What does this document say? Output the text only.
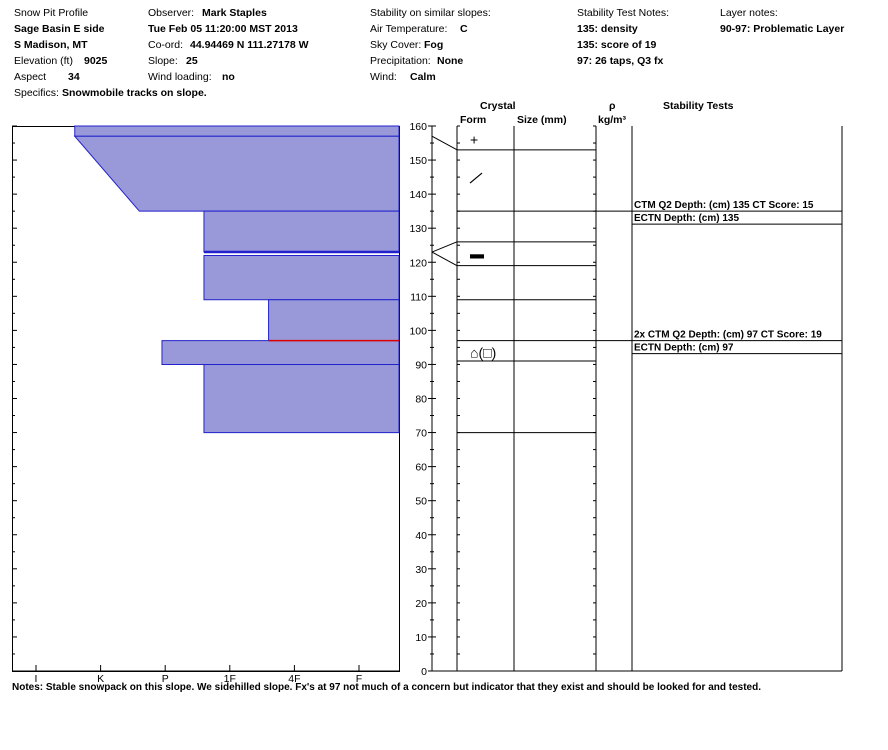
Snow Pit Profile
Sage Basin E side
S Madison, MT
Elevation (ft) 9025
Aspect 34
Specifics: Snowmobile tracks on slope.
Observer: Mark Staples
Tue Feb 05 11:20:00 MST 2013
Co-ord: 44.94469 N 111.27178 W
Slope: 25
Wind loading: no
Stability on similar slopes:
Air Temperature: C
Sky Cover: Fog
Precipitation: None
Wind: Calm
Stability Test Notes:
135: density
135: score of 19
97: 26 taps, Q3 fx
Layer notes:
90-97: Problematic Layer
Crystal
Form	Size (mm)
ρ
kg/m³
Stability Tests
I	K	P	1F	4F	F
0
10
20
30
40
50
60
70
80
90
100
110
120
130
140
150
160
+
▬
⌂(□)
CTM Q2 Depth: (cm) 135 CT Score: 15
ECTN Depth: (cm) 135
2x CTM Q2 Depth: (cm) 97 CT Score: 19
ECTN Depth: (cm) 97
Notes: Stable snowpack on this slope. We sidehilled slope. Fx's at 97 not much of a concern but indicator that they exist and should be looked for and tested.
